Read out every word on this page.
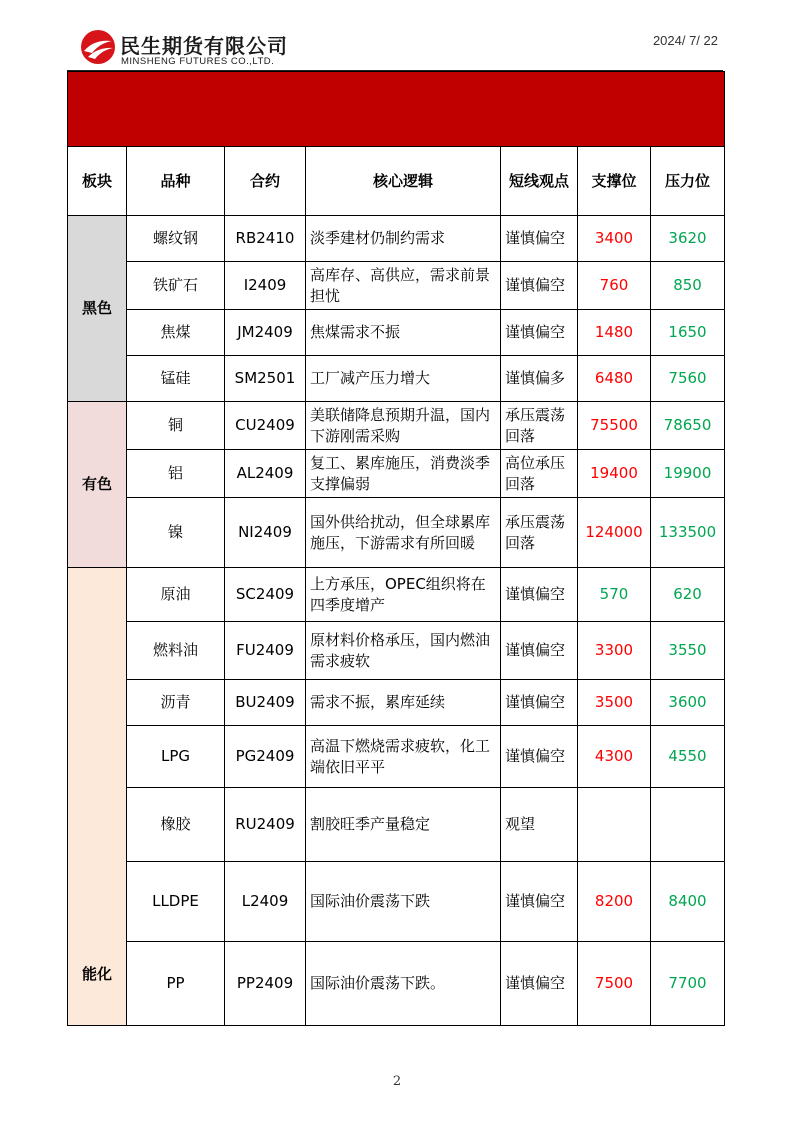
民生期货有限公司
MINSHENG FUTURES CO.,LTD.
2024/ 7/ 22

板块	品种	合约	核心逻辑	短线观点	支撑位	压力位
黑色	螺纹钢	RB2410	淡季建材仍制约需求	谨慎偏空	3400	3620
	铁矿石	I2409	高库存、高供应，需求前景担忧	谨慎偏空	760	850
	焦煤	JM2409	焦煤需求不振	谨慎偏空	1480	1650
	锰硅	SM2501	工厂减产压力增大	谨慎偏多	6480	7560
有色	铜	CU2409	美联储降息预期升温，国内下游刚需采购	承压震荡回落	75500	78650
	铝	AL2409	复工、累库施压，消费淡季支撑偏弱	高位承压回落	19400	19900
	镍	NI2409	国外供给扰动，但全球累库施压，下游需求有所回暖	承压震荡回落	124000	133500
能化	原油	SC2409	上方承压，OPEC组织将在四季度增产	谨慎偏空	570	620
	燃料油	FU2409	原材料价格承压，国内燃油需求疲软	谨慎偏空	3300	3550
	沥青	BU2409	需求不振，累库延续	谨慎偏空	3500	3600
	LPG	PG2409	高温下燃烧需求疲软，化工端依旧平平	谨慎偏空	4300	4550
	橡胶	RU2409	割胶旺季产量稳定	观望		
	LLDPE	L2409	国际油价震荡下跌	谨慎偏空	8200	8400
	PP	PP2409	国际油价震荡下跌。	谨慎偏空	7500	7700
2
